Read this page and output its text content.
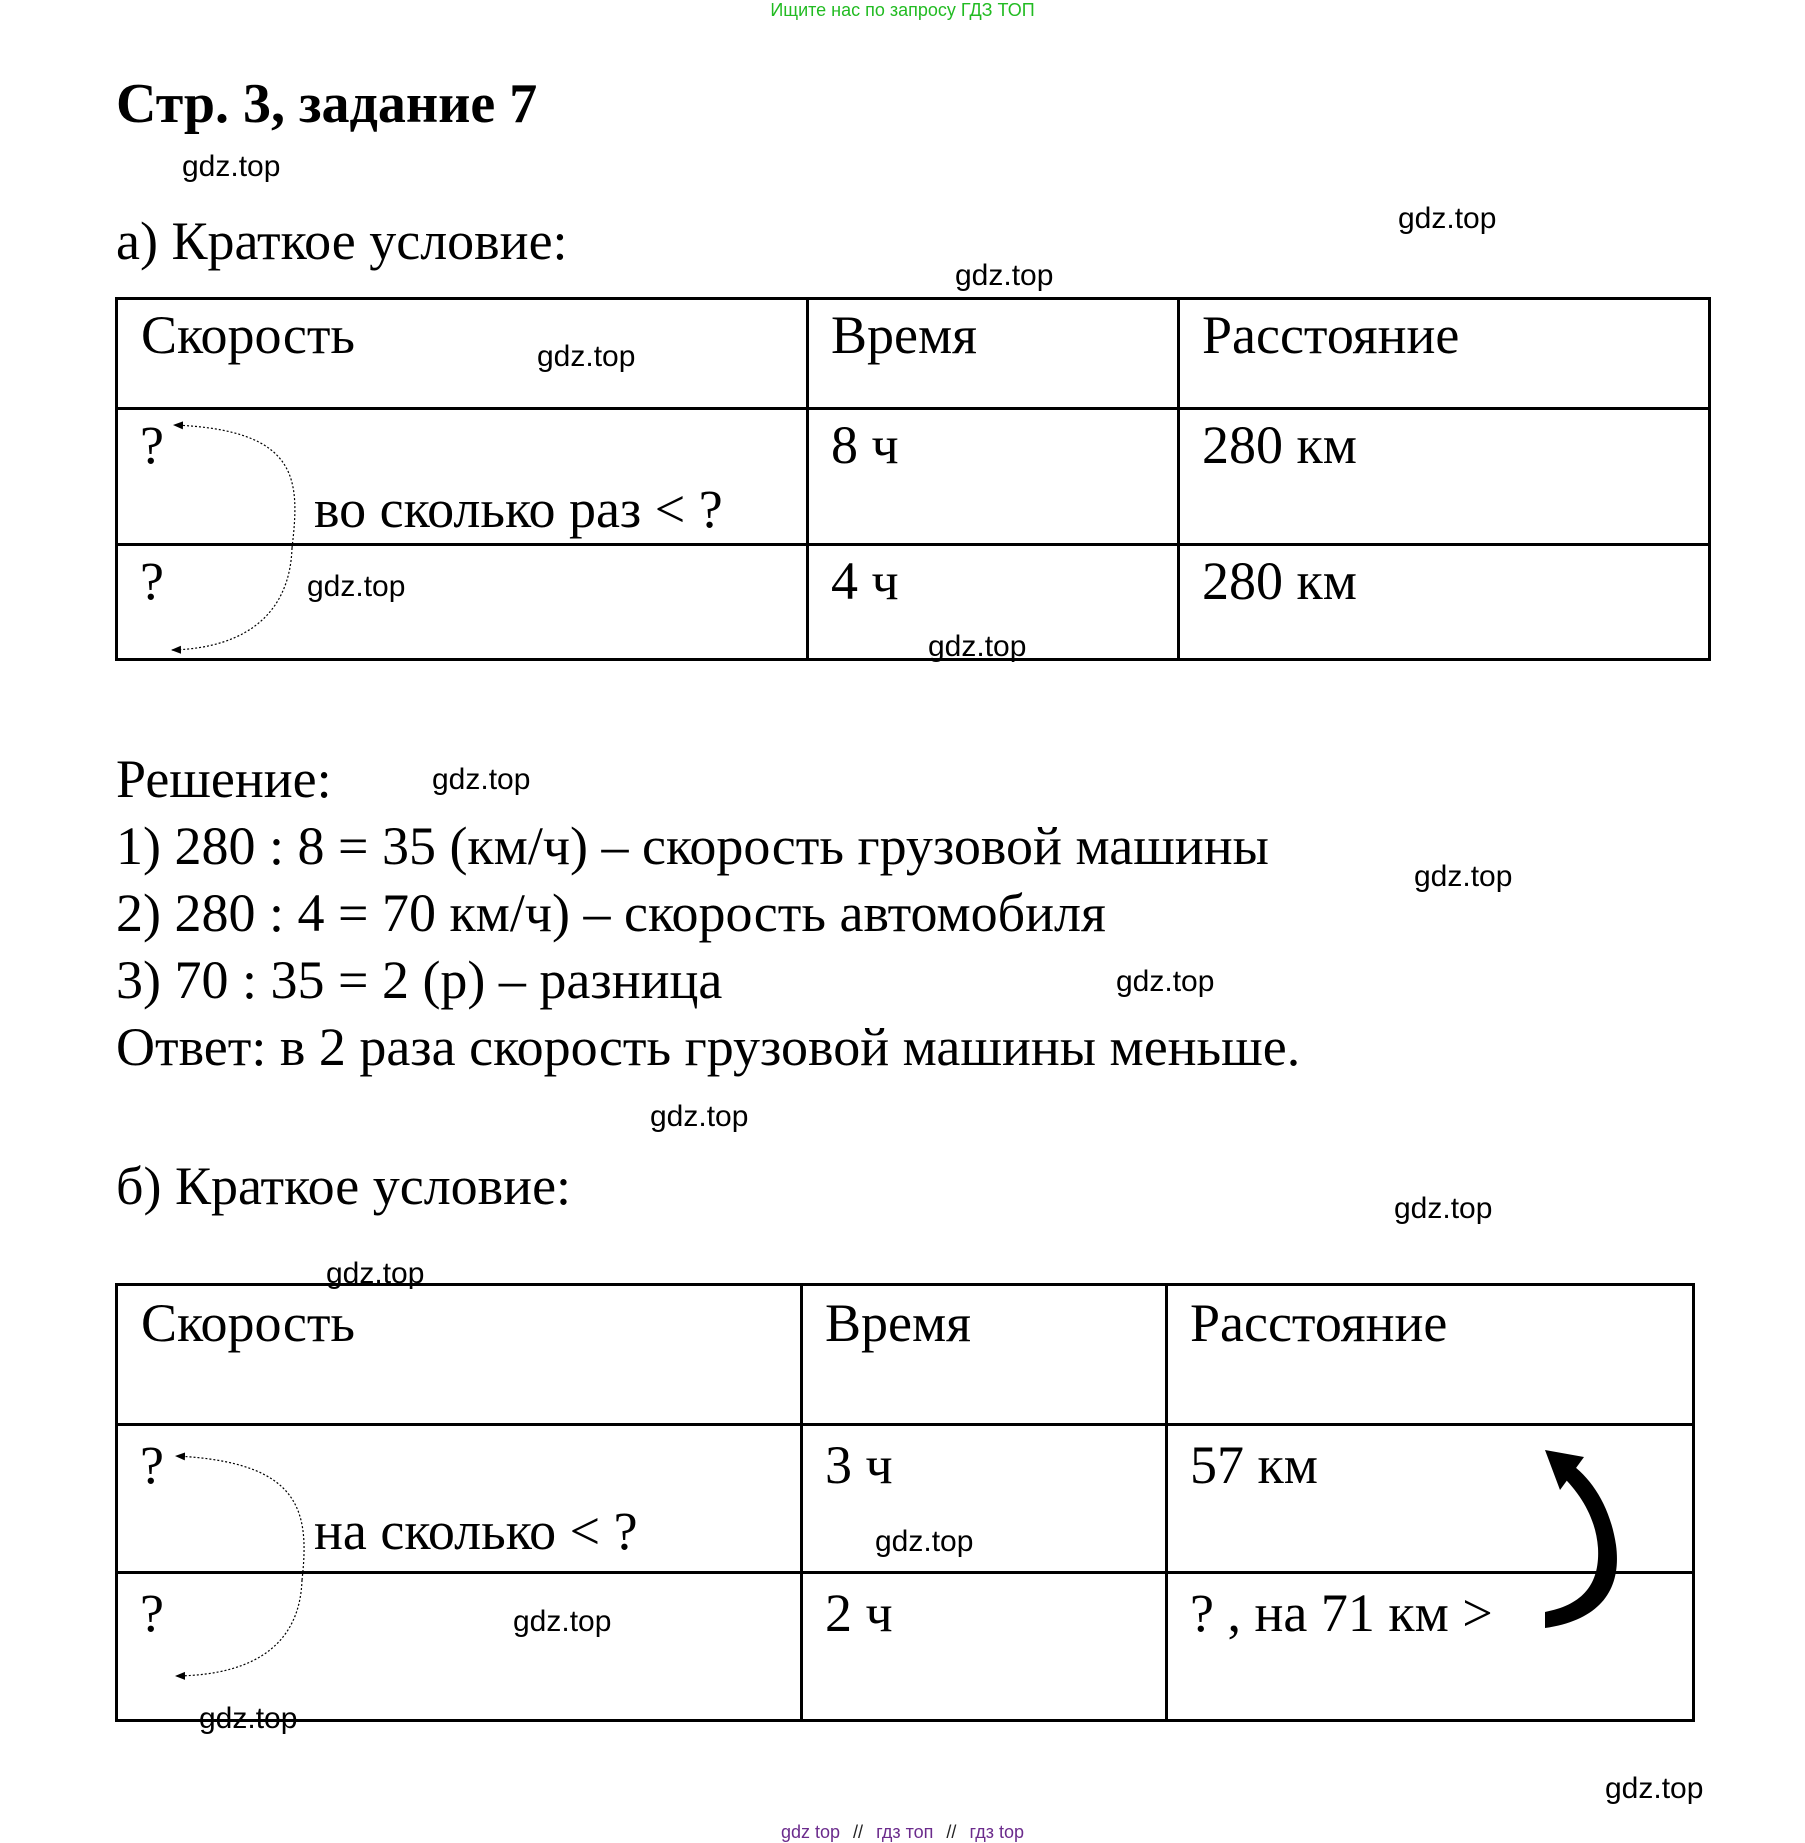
Ищите нас по запросу ГДЗ ТОП
Стр. 3, задание 7
а) Краткое условие:
Скорость	Время	Расстояние

?
во сколько раз < ?	8 ч	280 км

?	4 ч	280 км
Решение:
1) 280 : 8 = 35 (км/ч) – скорость грузовой машины
2) 280 : 4 = 70 км/ч) – скорость автомобиля
3) 70 : 35 = 2 (р) – разница
Ответ: в 2 раза скорость грузовой машины меньше.
б) Краткое условие:
Скорость	Время	Расстояние

?
на сколько < ?	3 ч	57 км

?	2 ч	? , на 71 км >
gdz.top
gdz.top
gdz.top
gdz.top
gdz.top
gdz.top
gdz.top
gdz.top
gdz.top
gdz.top
gdz.top
gdz.top
gdz.top
gdz.top
gdz.top
gdz.top
gdz top // гдз топ // гдз top
